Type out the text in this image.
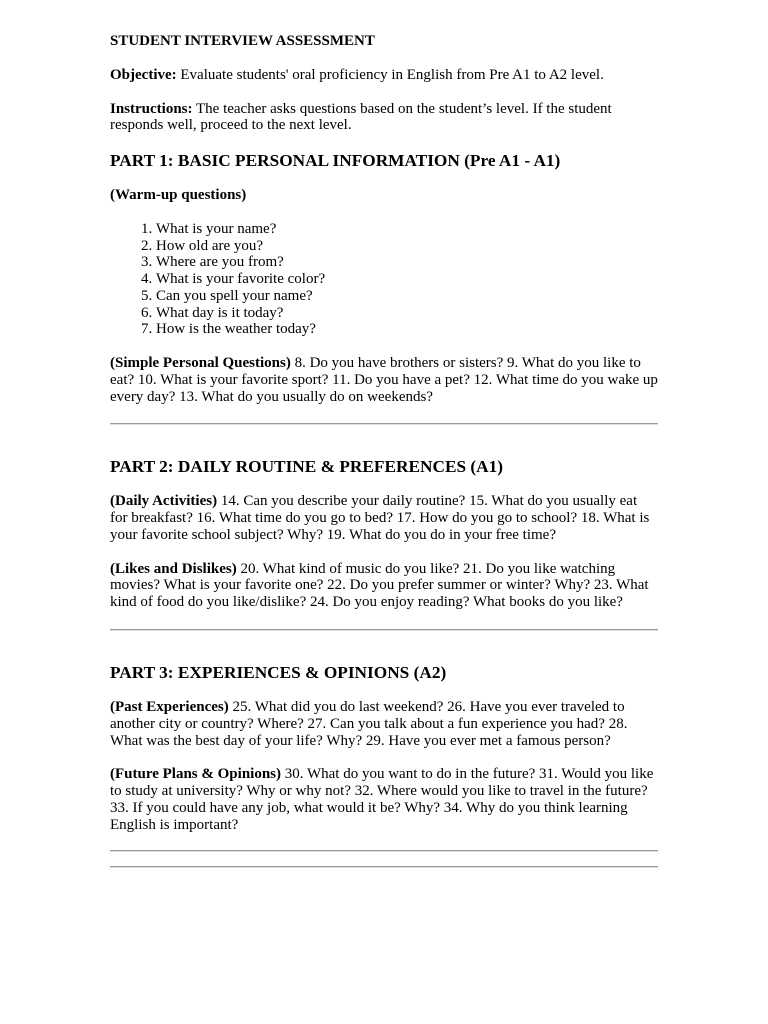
STUDENT INTERVIEW ASSESSMENT

Objective: Evaluate students' oral proficiency in English from Pre A1 to A2 level.

Instructions: The teacher asks questions based on the student’s level. If the student responds well, proceed to the next level.

PART 1: BASIC PERSONAL INFORMATION (Pre A1 - A1)

(Warm-up questions)

1. What is your name?
2. How old are you?
3. Where are you from?
4. What is your favorite color?
5. Can you spell your name?
6. What day is it today?
7. How is the weather today?

(Simple Personal Questions) 8. Do you have brothers or sisters? 9. What do you like to eat? 10. What is your favorite sport? 11. Do you have a pet? 12. What time do you wake up every day? 13. What do you usually do on weekends?

PART 2: DAILY ROUTINE & PREFERENCES (A1)

(Daily Activities) 14. Can you describe your daily routine? 15. What do you usually eat for breakfast? 16. What time do you go to bed? 17. How do you go to school? 18. What is your favorite school subject? Why? 19. What do you do in your free time?

(Likes and Dislikes) 20. What kind of music do you like? 21. Do you like watching movies? What is your favorite one? 22. Do you prefer summer or winter? Why? 23. What kind of food do you like/dislike? 24. Do you enjoy reading? What books do you like?

PART 3: EXPERIENCES & OPINIONS (A2)

(Past Experiences) 25. What did you do last weekend? 26. Have you ever traveled to another city or country? Where? 27. Can you talk about a fun experience you had? 28. What was the best day of your life? Why? 29. Have you ever met a famous person?

(Future Plans & Opinions) 30. What do you want to do in the future? 31. Would you like to study at university? Why or why not? 32. Where would you like to travel in the future? 33. If you could have any job, what would it be? Why? 34. Why do you think learning English is important?
